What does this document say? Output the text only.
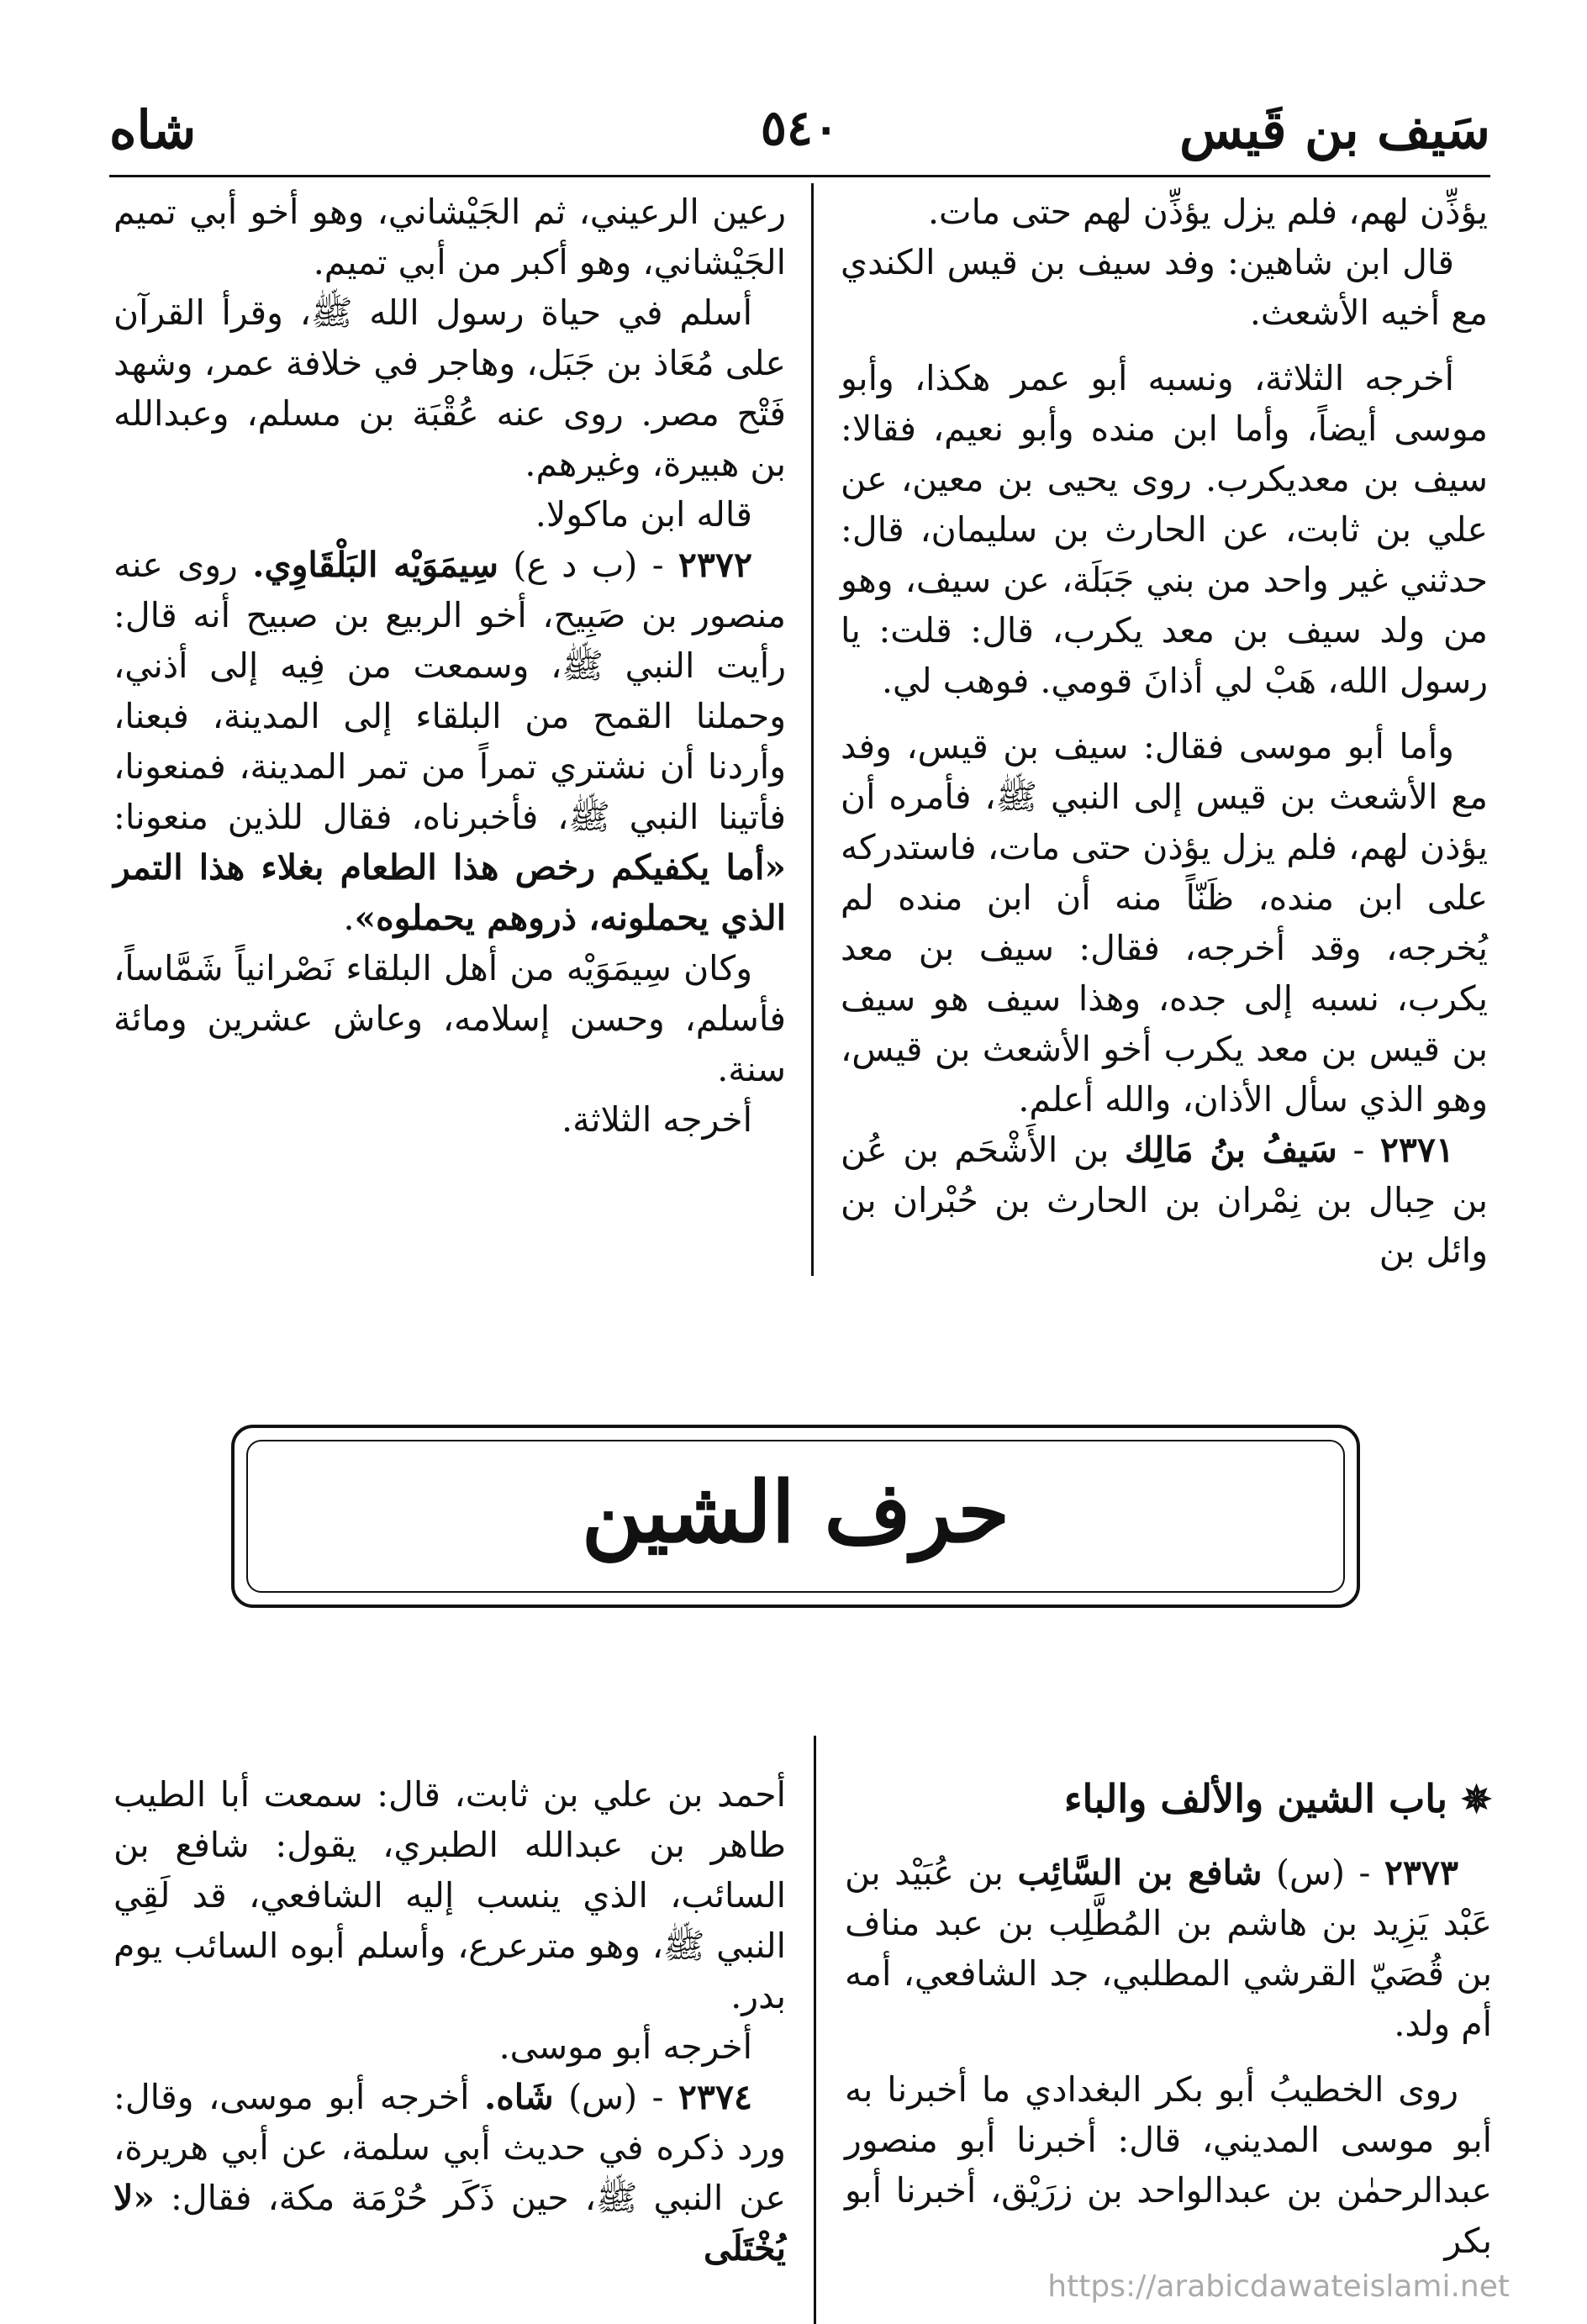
سَيف بن قَيس
٥٤٠
شاه

يؤذِّن لهم، فلم يزل يؤذِّن لهم حتى مات.

قال ابن شاهين: وفد سيف بن قيس الكندي مع أخيه الأشعث.

أخرجه الثلاثة، ونسبه أبو عمر هكذا، وأبو موسى أيضاً، وأما ابن منده وأبو نعيم، فقالا: سيف بن معديكرب. روى يحيى بن معين، عن علي بن ثابت، عن الحارث بن سليمان، قال: حدثني غير واحد من بني جَبَلَة، عن سيف، وهو من ولد سيف بن معد يكرب، قال: قلت: يا رسول الله، هَبْ لي أذانَ قومي. فوهب لي.

وأما أبو موسى فقال: سيف بن قيس، وفد مع الأشعث بن قيس إلى النبي ﷺ، فأمره أن يؤذن لهم، فلم يزل يؤذن حتى مات، فاستدركه على ابن منده، ظَنّاً منه أن ابن منده لم يُخرجه، وقد أخرجه، فقال: سيف بن معد يكرب، نسبه إلى جده، وهذا سيف هو سيف بن قيس بن معد يكرب أخو الأشعث بن قيس، وهو الذي سأل الأذان، والله أعلم.

٢٣٧١ - سَيفُ بنُ مَالِك بن الأَشْحَم بن عُن بن حِبال بن نِمْران بن الحارث بن حُبْران بن وائل بن

رعين الرعيني، ثم الجَيْشاني، وهو أخو أبي تميم الجَيْشاني، وهو أكبر من أبي تميم.

أسلم في حياة رسول الله ﷺ، وقرأ القرآن على مُعَاذ بن جَبَل، وهاجر في خلافة عمر، وشهد فَتْح مصر. روى عنه عُقْبَة بن مسلم، وعبدالله بن هبيرة، وغيرهم.

قاله ابن ماكولا.

٢٣٧٢ - (ب د ع) سِيمَوَيْه البَلْقَاوِي. روى عنه منصور بن صَبِيح، أخو الربيع بن صبيح أنه قال: رأيت النبي ﷺ، وسمعت من فِيه إلى أذني، وحملنا القمح من البلقاء إلى المدينة، فبعنا، وأردنا أن نشتري تمراً من تمر المدينة، فمنعونا، فأتينا النبي ﷺ، فأخبرناه، فقال للذين منعونا: «أما يكفيكم رخص هذا الطعام بغلاء هذا التمر الذي يحملونه، ذروهم يحملوه».

وكان سِيمَوَيْه من أهل البلقاء نَصْرانياً شَمَّاساً، فأسلم، وحسن إسلامه، وعاش عشرين ومائة سنة.

أخرجه الثلاثة.

حرف الشين

✵ باب الشين والألف والباء

٢٣٧٣ - (س) شافع بن السَّائِب بن عُبَيْد بن عَبْد يَزِيد بن هاشم بن المُطَّلِب بن عبد مناف بن قُصَيّ القرشي المطلبي، جد الشافعي، أمه أم ولد.

روى الخطيبُ أبو بكر البغدادي ما أخبرنا به أبو موسى المديني، قال: أخبرنا أبو منصور عبدالرحمٰن بن عبدالواحد بن زرَيْق، أخبرنا أبو بكر

أحمد بن علي بن ثابت، قال: سمعت أبا الطيب طاهر بن عبدالله الطبري، يقول: شافع بن السائب، الذي ينسب إليه الشافعي، قد لَقِي النبي ﷺ، وهو مترعرع، وأسلم أبوه السائب يوم بدر.

أخرجه أبو موسى.

٢٣٧٤ - (س) شَاه. أخرجه أبو موسى، وقال: ورد ذكره في حديث أبي سلمة، عن أبي هريرة، عن النبي ﷺ، حين ذَكَر حُرْمَة مكة، فقال: «لا يُخْتَلَى

https://arabicdawateislami.net
